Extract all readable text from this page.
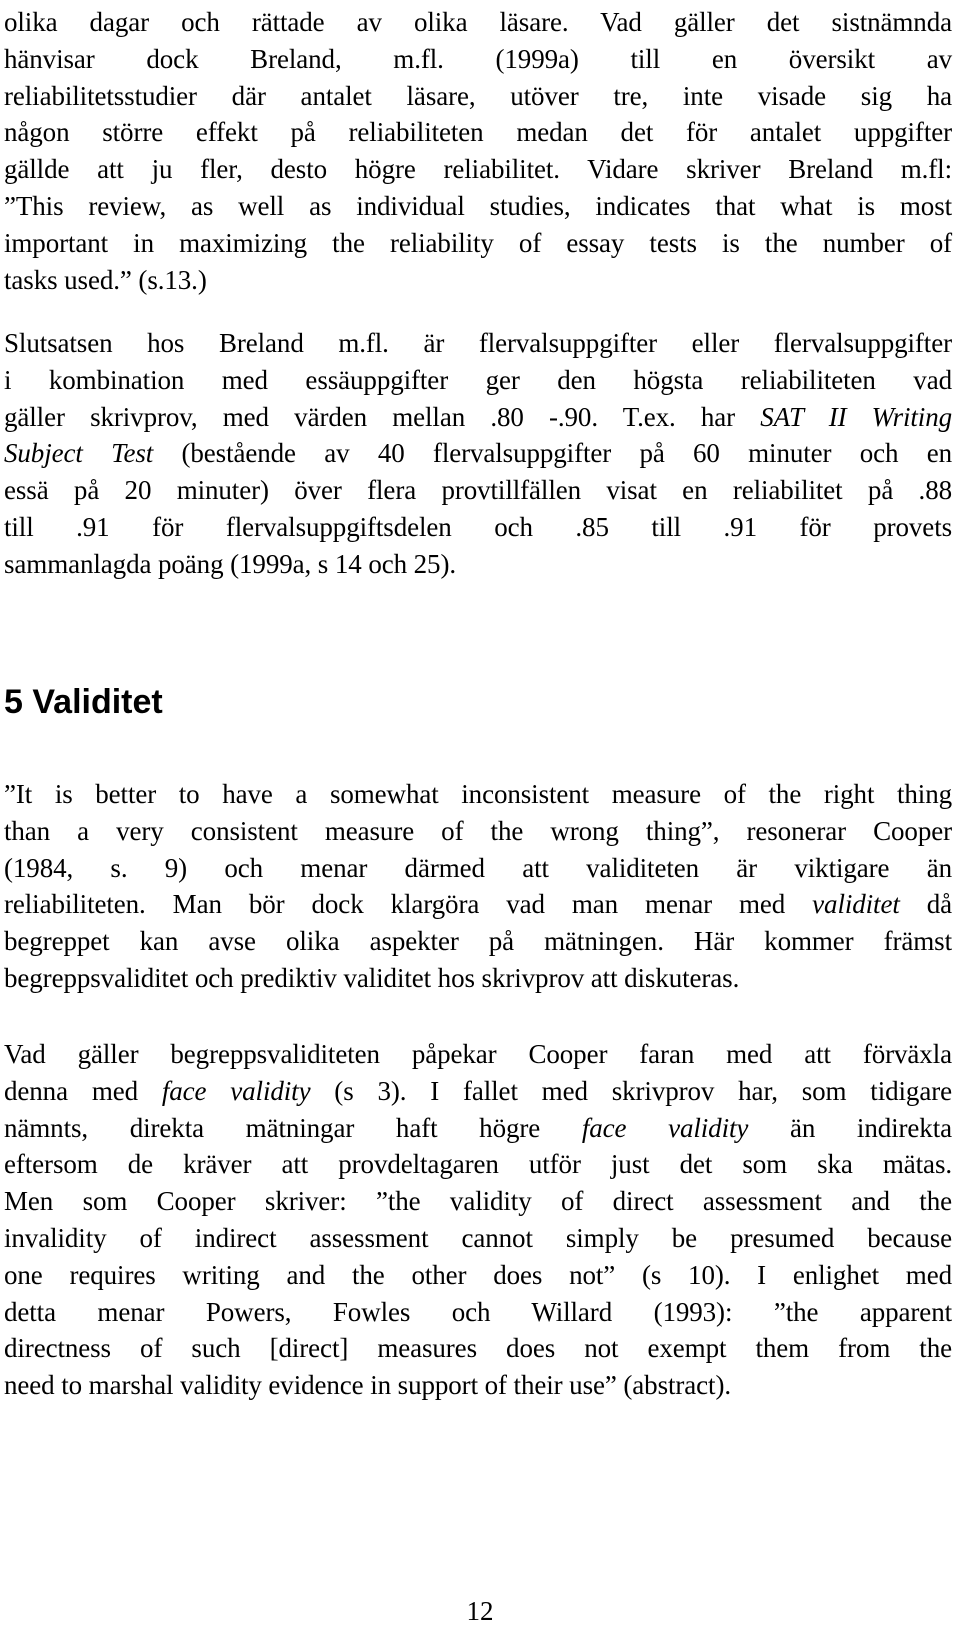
olika dagar och rättade av olika läsare. Vad gäller det sistnämnda
hänvisar dock Breland, m.fl. (1999a) till en översikt av
reliabilitetsstudier där antalet läsare, utöver tre, inte visade sig ha
någon större effekt på reliabiliteten medan det för antalet uppgifter
gällde att ju fler, desto högre reliabilitet. Vidare skriver Breland m.fl:
”This review, as well as individual studies, indicates that what is most
important in maximizing the reliability of essay tests is the number of
tasks used.” (s.13.)
Slutsatsen hos Breland m.fl. är flervalsuppgifter eller flervalsuppgifter
i kombination med essäuppgifter ger den högsta reliabiliteten vad
gäller skrivprov, med värden mellan .80 -.90. T.ex. har SAT II Writing
Subject Test (bestående av 40 flervalsuppgifter på 60 minuter och en
essä på 20 minuter) över flera provtillfällen visat en reliabilitet på .88
till .91 för flervalsuppgiftsdelen och .85 till .91 för provets
sammanlagda poäng (1999a, s 14 och 25).
5 Validitet
”It is better to have a somewhat inconsistent measure of the right thing
than a very consistent measure of the wrong thing”, resonerar Cooper
(1984, s. 9) och menar därmed att validiteten är viktigare än
reliabiliteten. Man bör dock klargöra vad man menar med validitet då
begreppet kan avse olika aspekter på mätningen. Här kommer främst
begreppsvaliditet och prediktiv validitet hos skrivprov att diskuteras.
Vad gäller begreppsvaliditeten påpekar Cooper faran med att förväxla
denna med face validity (s 3). I fallet med skrivprov har, som tidigare
nämnts, direkta mätningar haft högre face validity än indirekta
eftersom de kräver att provdeltagaren utför just det som ska mätas.
Men som Cooper skriver: ”the validity of direct assessment and the
invalidity of indirect assessment cannot simply be presumed because
one requires writing and the other does not” (s 10). I enlighet med
detta menar Powers, Fowles och Willard (1993): ”the apparent
directness of such [direct] measures does not exempt them from the
need to marshal validity evidence in support of their use” (abstract).
12
